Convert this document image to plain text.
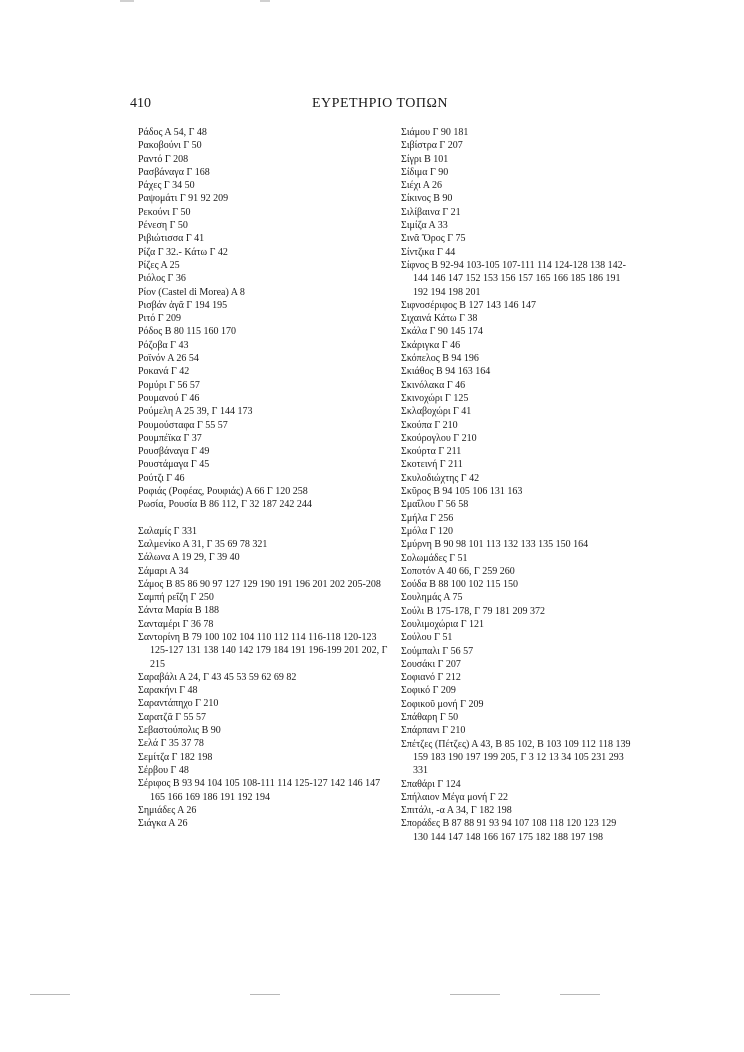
410	ΕΥΡΕΤΗΡΙΟ ΤΟΠΩΝ
Ράδος Α 54, Γ 48
Ρακοβούνι Γ 50
Ραντό Γ 208
Ρασβάναγα Γ 168
Ράχες Γ 34 50
Ραψομάτι Γ 91 92 209
Ρεκούνι Γ 50
Ρένεση Γ 50
Ριβιώτισσα Γ 41
Ρίζα Γ 32.- Κάτω Γ 42
Ρίζες Α 25
Ριόλος Γ 36
Ρίον (Castel di Morea) Α 8
Ρισβάν ἀγᾶ Γ 194 195
Ριτό Γ 209
Ρόδος Β 80 115 160 170
Ρόζοβα Γ 43
Ροϊνόν Α 26 54
Ροκανά Γ 42
Ρομύρι Γ 56 57
Ρουμανού Γ 46
Ρούμελη Α 25 39, Γ 144 173
Ρουμούσταφα Γ 55 57
Ρουμπέϊκα Γ 37
Ρουσβάναγα Γ 49
Ρουστάμαγα Γ 45
Ρούτζι Γ 46
Ροφιάς (Ροφέας, Ρουφιάς) Α 66 Γ 120 258
Ρωσία, Ρουσία Β 86 112, Γ 32 187 242 244
Σαλαμίς Γ 331
Σαλμενίκο Α 31, Γ 35 69 78 321
Σάλωνα Α 19 29, Γ 39 40
Σάμαρι Α 34
Σάμος Β 85 86 90 97 127 129 190 191 196 201 202 205-208
Σαμπή ρεΐζη Γ 250
Σάντα Μαρία Β 188
Σανταμέρι Γ 36 78
Σαντορίνη Β 79 100 102 104 110 112 114 116-118 120-123 125-127 131 138 140 142 179 184 191 196-199 201 202, Γ 215
Σαραβάλι Α 24, Γ 43 45 53 59 62 69 82
Σαρακήνι Γ 48
Σαραντάπηχο Γ 210
Σαρατζᾶ Γ 55 57
Σεβαστούπολις Β 90
Σελά Γ 35 37 78
Σεμίτζα Γ 182 198
Σέρβου Γ 48
Σέριφος Β 93 94 104 105 108-111 114 125-127 142 146 147 165 166 169 186 191 192 194
Σημιάδες Α 26
Σιάγκα Α 26
Σιάμου Γ 90 181
Σιβίστρα Γ 207
Σίγρι Β 101
Σίδιμα Γ 90
Σιέχι Α 26
Σίκινος Β 90
Σιλίβαινα Γ 21
Σιμίζα Α 33
Σινᾶ Ὄρος Γ 75
Σίντζικα Γ 44
Σίφνος Β 92-94 103-105 107-111 114 124-128 138 142-144 146 147 152 153 156 157 165 166 185 186 191 192 194 198 201
Σιφνοσέριφος Β 127 143 146 147
Σιχαινά Κάτω Γ 38
Σκάλα Γ 90 145 174
Σκάριγκα Γ 46
Σκόπελος Β 94 196
Σκιάθος Β 94 163 164
Σκινόλακα Γ 46
Σκινοχώρι Γ 125
Σκλαβοχώρι Γ 41
Σκούπα Γ 210
Σκούρογλου Γ 210
Σκούρτα Γ 211
Σκοτεινή Γ 211
Σκυλοδιώχτης Γ 42
Σκῦρος Β 94 105 106 131 163
Σμαΐλου Γ 56 58
Σμήλα Γ 256
Σμόλα Γ 120
Σμύρνη Β 90 98 101 113 132 133 135 150 164
Σολωμάδες Γ 51
Σοποτόν Α 40 66, Γ 259 260
Σούδα Β 88 100 102 115 150
Σουλημάς Α 75
Σούλι Β 175-178, Γ 79 181 209 372
Σουλιμοχώρια Γ 121
Σούλου Γ 51
Σούμπαλι Γ 56 57
Σουσάκι Γ 207
Σοφιανό Γ 212
Σοφικό Γ 209
Σοφικοῦ μονή Γ 209
Σπάθαρη Γ 50
Σπάρπανι Γ 210
Σπέτζες (Πέτζες) Α 43, Β 85 102, Β 103 109 112 118 139 159 183 190 197 199 205, Γ 3 12 13 34 105 231 293 331
Σπαθάρι Γ 124
Σπήλαιον Μέγα μονή Γ 22
Σπιτάλι, -α Α 34, Γ 182 198
Σποράδες Β 87 88 91 93 94 107 108 118 120 123 129 130 144 147 148 166 167 175 182 188 197 198
